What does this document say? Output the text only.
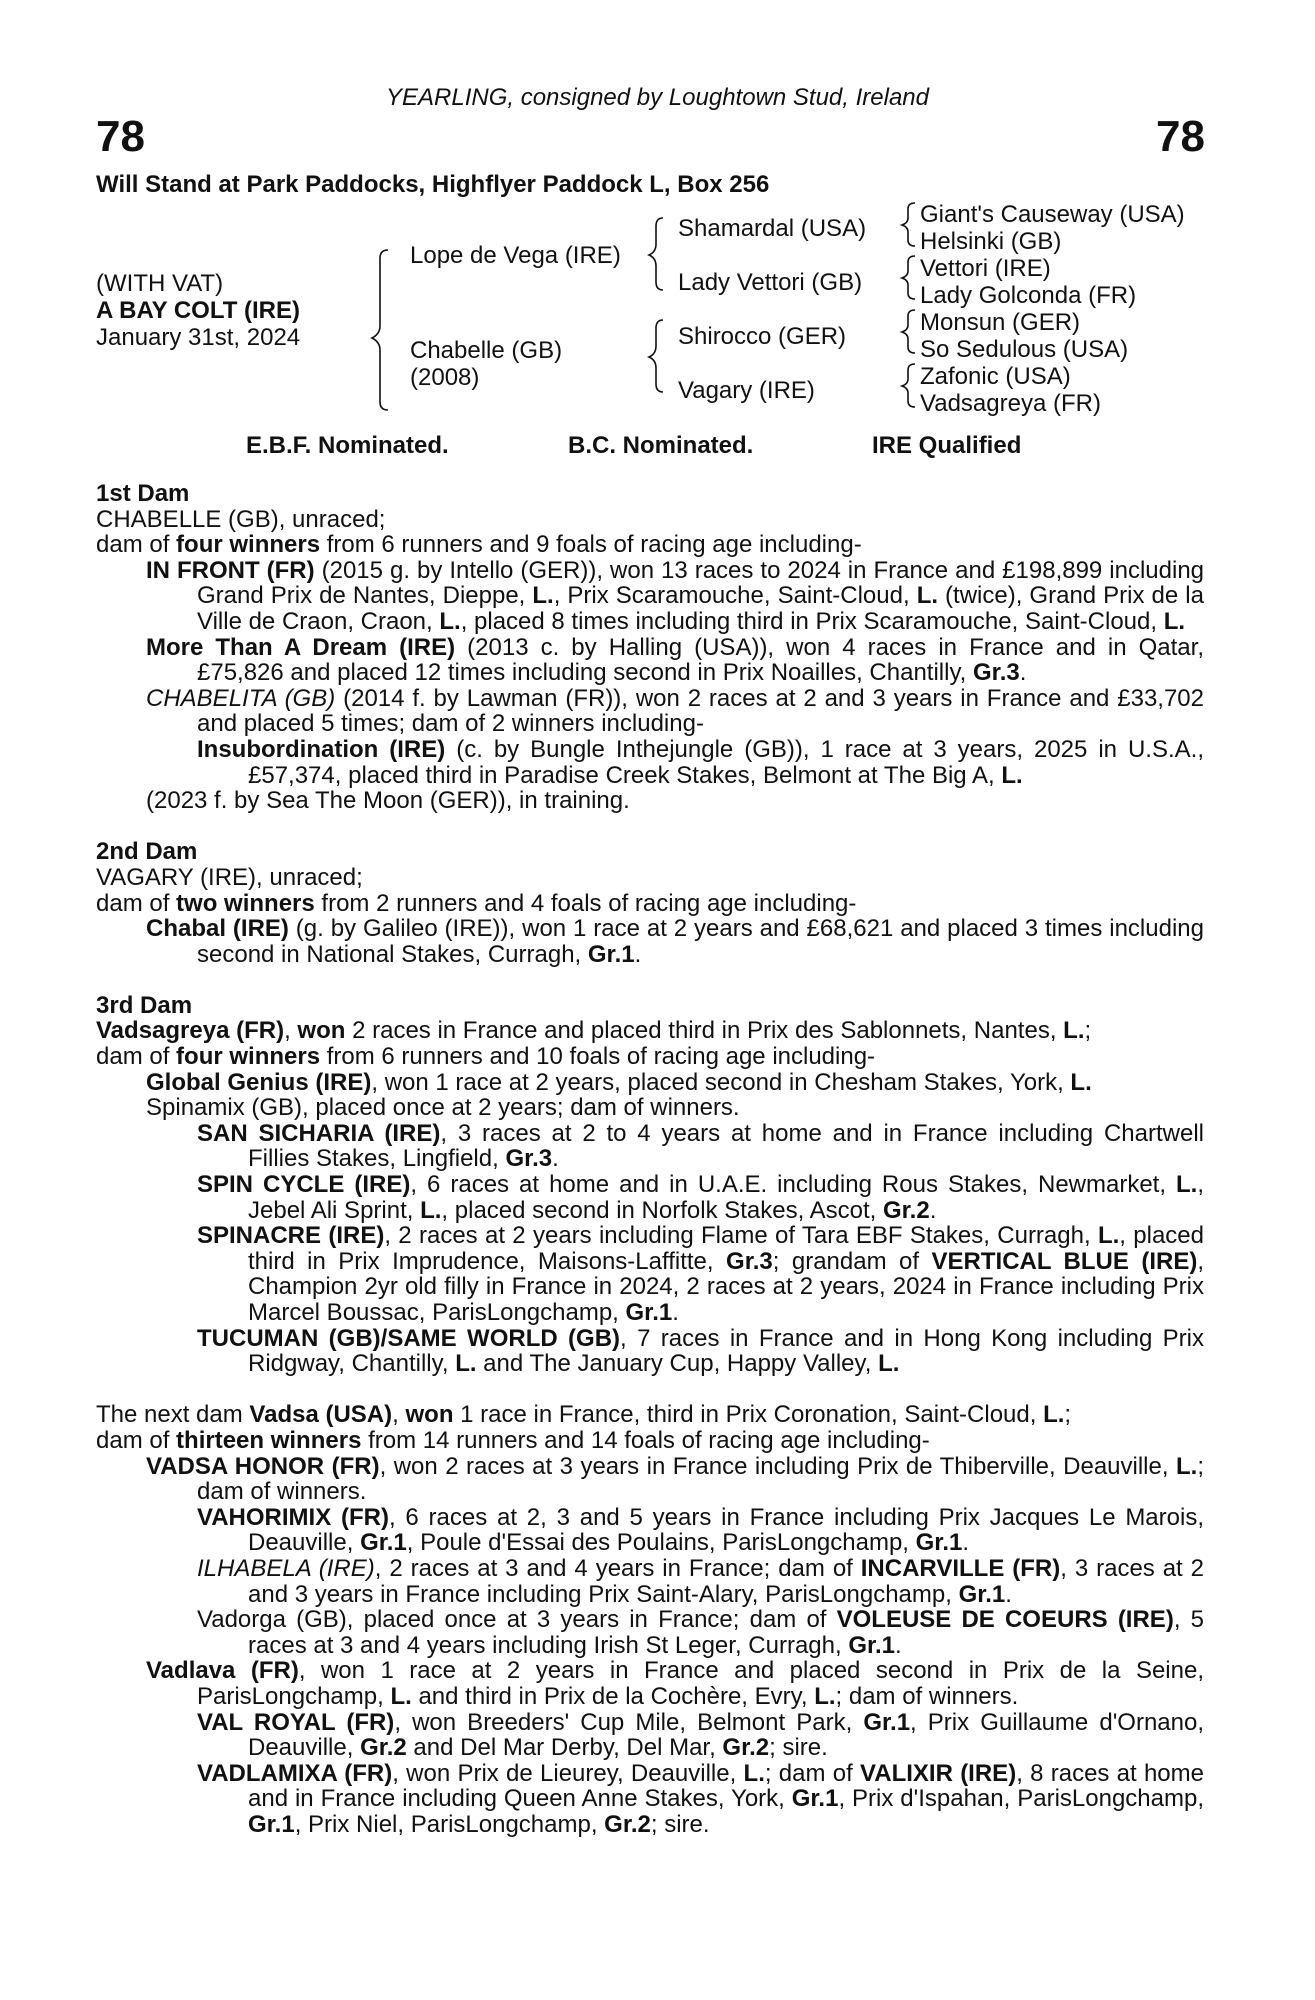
78	78
YEARLING, consigned by Loughtown Stud, Ireland
Will Stand at Park Paddocks, Highflyer Paddock L, Box 256
(WITH VAT)
A BAY COLT (IRE)
January 31st, 2024
Lope de Vega (IRE)
Chabelle (GB)
(2008)
Shamardal (USA)
Lady Vettori (GB)
Shirocco (GER)
Vagary (IRE)
Giant's Causeway (USA)
Helsinki (GB)
Vettori (IRE)
Lady Golconda (FR)
Monsun (GER)
So Sedulous (USA)
Zafonic (USA)
Vadsagreya (FR)
E.B.F. Nominated.	B.C. Nominated.	IRE Qualified

1st Dam

CHABELLE (GB), unraced;

dam of four winners from 6 runners and 9 foals of racing age including-

IN FRONT (FR) (2015 g. by Intello (GER)), won 13 races to 2024 in France and £198,899 including Grand Prix de Nantes, Dieppe, L., Prix Scaramouche, Saint-Cloud, L. (twice), Grand Prix de la Ville de Craon, Craon, L., placed 8 times including third in Prix Scaramouche, Saint-Cloud, L.

More Than A Dream (IRE) (2013 c. by Halling (USA)), won 4 races in France and in Qatar, £75,826 and placed 12 times including second in Prix Noailles, Chantilly, Gr.3.

CHABELITA (GB) (2014 f. by Lawman (FR)), won 2 races at 2 and 3 years in France and £33,702 and placed 5 times; dam of 2 winners including-

Insubordination (IRE) (c. by Bungle Inthejungle (GB)), 1 race at 3 years, 2025 in U.S.A., £57,374, placed third in Paradise Creek Stakes, Belmont at The Big A, L.

(2023 f. by Sea The Moon (GER)), in training.

2nd Dam

VAGARY (IRE), unraced;

dam of two winners from 2 runners and 4 foals of racing age including-

Chabal (IRE) (g. by Galileo (IRE)), won 1 race at 2 years and £68,621 and placed 3 times including second in National Stakes, Curragh, Gr.1.

3rd Dam

Vadsagreya (FR), won 2 races in France and placed third in Prix des Sablonnets, Nantes, L.;

dam of four winners from 6 runners and 10 foals of racing age including-

Global Genius (IRE), won 1 race at 2 years, placed second in Chesham Stakes, York, L.

Spinamix (GB), placed once at 2 years; dam of winners.

SAN SICHARIA (IRE), 3 races at 2 to 4 years at home and in France including Chartwell Fillies Stakes, Lingfield, Gr.3.

SPIN CYCLE (IRE), 6 races at home and in U.A.E. including Rous Stakes, Newmarket, L., Jebel Ali Sprint, L., placed second in Norfolk Stakes, Ascot, Gr.2.

SPINACRE (IRE), 2 races at 2 years including Flame of Tara EBF Stakes, Curragh, L., placed third in Prix Imprudence, Maisons-Laffitte, Gr.3; grandam of VERTICAL BLUE (IRE), Champion 2yr old filly in France in 2024, 2 races at 2 years, 2024 in France including Prix Marcel Boussac, ParisLongchamp, Gr.1.

TUCUMAN (GB)/SAME WORLD (GB), 7 races in France and in Hong Kong including Prix Ridgway, Chantilly, L. and The January Cup, Happy Valley, L.

The next dam Vadsa (USA), won 1 race in France, third in Prix Coronation, Saint-Cloud, L.;

dam of thirteen winners from 14 runners and 14 foals of racing age including-

VADSA HONOR (FR), won 2 races at 3 years in France including Prix de Thiberville, Deauville, L.; dam of winners.

VAHORIMIX (FR), 6 races at 2, 3 and 5 years in France including Prix Jacques Le Marois, Deauville, Gr.1, Poule d'Essai des Poulains, ParisLongchamp, Gr.1.

ILHABELA (IRE), 2 races at 3 and 4 years in France; dam of INCARVILLE (FR), 3 races at 2 and 3 years in France including Prix Saint-Alary, ParisLongchamp, Gr.1.

Vadorga (GB), placed once at 3 years in France; dam of VOLEUSE DE COEURS (IRE), 5 races at 3 and 4 years including Irish St Leger, Curragh, Gr.1.

Vadlava (FR), won 1 race at 2 years in France and placed second in Prix de la Seine, ParisLongchamp, L. and third in Prix de la Cochère, Evry, L.; dam of winners.

VAL ROYAL (FR), won Breeders' Cup Mile, Belmont Park, Gr.1, Prix Guillaume d'Ornano, Deauville, Gr.2 and Del Mar Derby, Del Mar, Gr.2; sire.

VADLAMIXA (FR), won Prix de Lieurey, Deauville, L.; dam of VALIXIR (IRE), 8 races at home and in France including Queen Anne Stakes, York, Gr.1, Prix d'Ispahan, ParisLongchamp, Gr.1, Prix Niel, ParisLongchamp, Gr.2; sire.
